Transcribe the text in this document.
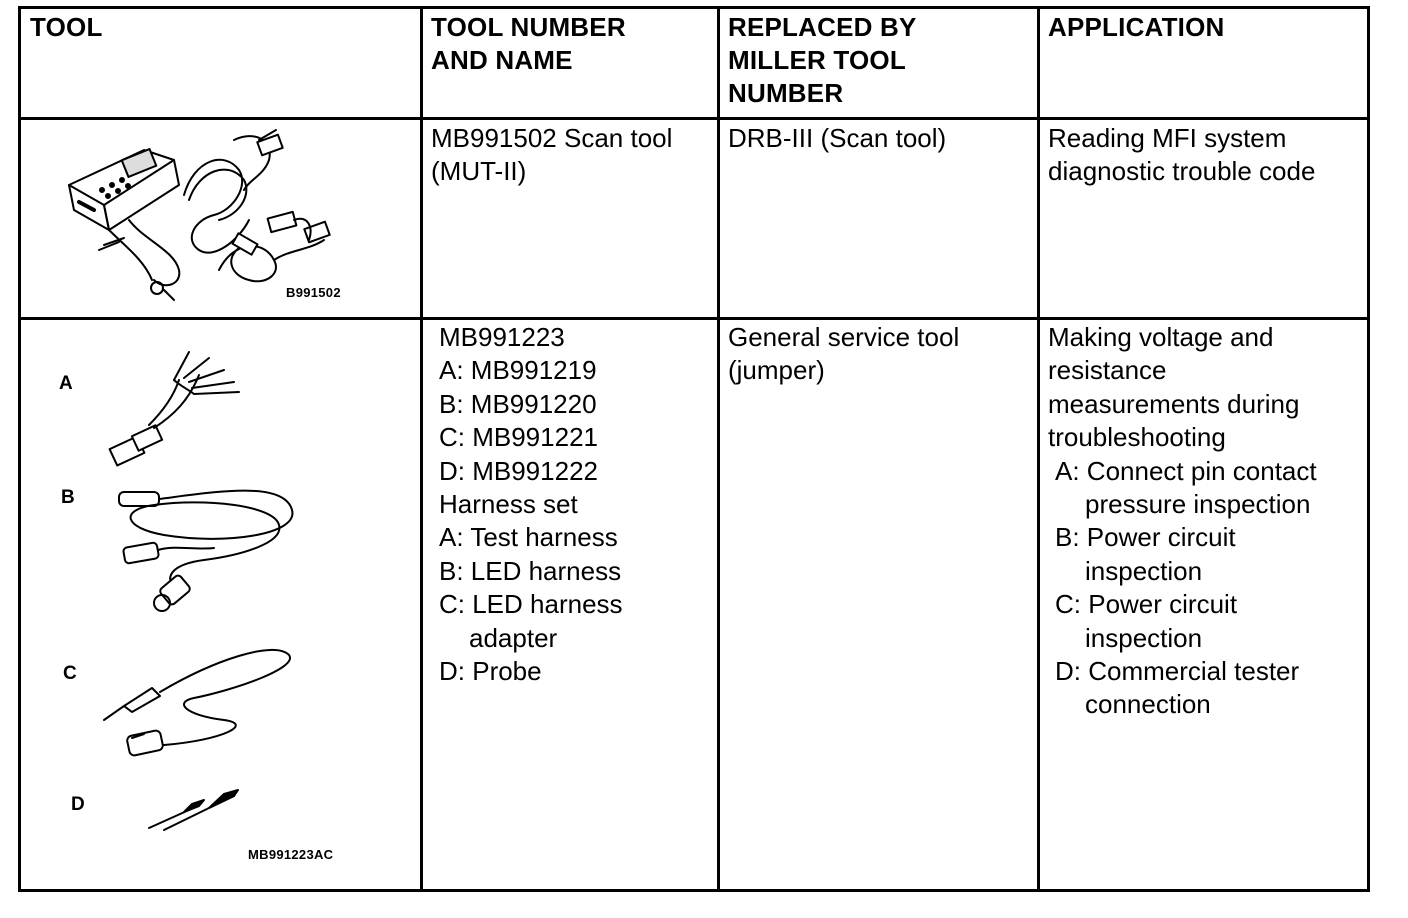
TOOL	TOOL NUMBER
AND NAME
REPLACED BY
MILLER TOOL
NUMBER
APPLICATION
B991502
MB991502 Scan tool
(MUT-II)
DRB-III (Scan tool)	Reading MFI system
diagnostic trouble code
A
B
C
D
MB991223AC
MB991223
A: MB991219
B: MB991220
C: MB991221
D: MB991222
Harness set
A: Test harness
B: LED harness
C: LED harness
adapter
D: Probe
General service tool
(jumper)
Making voltage and
resistance
measurements during
troubleshooting
A: Connect pin contact
pressure inspection
B: Power circuit
inspection
C: Power circuit
inspection
D: Commercial tester
connection
